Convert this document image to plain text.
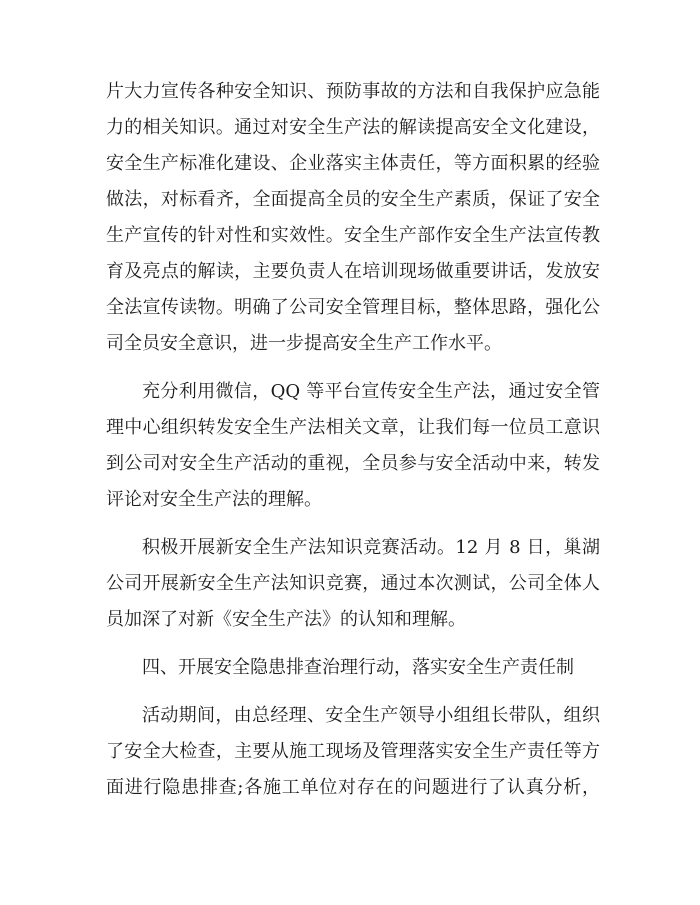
片大力宣传各种安全知识、预防事故的方法和自我保护应急能
力的相关知识。通过对安全生产法的解读提高安全文化建设，
安全生产标准化建设、企业落实主体责任，等方面积累的经验
做法，对标看齐，全面提高全员的安全生产素质，保证了安全
生产宣传的针对性和实效性。安全生产部作安全生产法宣传教
育及亮点的解读，主要负责人在培训现场做重要讲话，发放安
全法宣传读物。明确了公司安全管理目标，整体思路，强化公
司全员安全意识，进一步提高安全生产工作水平。
充分利用微信，QQ 等平台宣传安全生产法，通过安全管
理中心组织转发安全生产法相关文章，让我们每一位员工意识
到公司对安全生产活动的重视，全员参与安全活动中来，转发
评论对安全生产法的理解。
积极开展新安全生产法知识竞赛活动。12 月 8 日，巢湖
公司开展新安全生产法知识竞赛，通过本次测试，公司全体人
员加深了对新《安全生产法》的认知和理解。
四、开展安全隐患排查治理行动，落实安全生产责任制
活动期间，由总经理、安全生产领导小组组长带队，组织
了安全大检查，主要从施工现场及管理落实安全生产责任等方
面进行隐患排查;各施工单位对存在的问题进行了认真分析，
